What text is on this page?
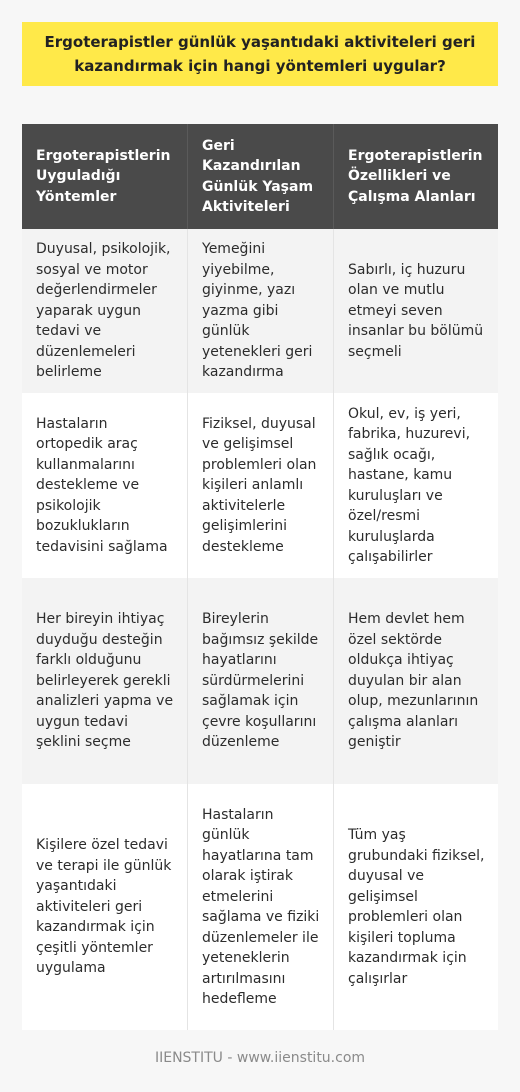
Ergoterapistler günlük yaşantıdaki aktiviteleri geri kazandırmak için hangi yöntemleri uygular?
Ergoterapistlerin Uyguladığı Yöntemler
Geri Kazandırılan Günlük Yaşam Aktiviteleri
Ergoterapistlerin Özellikleri ve Çalışma Alanları
Duyusal, psikolojik, sosyal ve motor değerlendirmeler yaparak uygun tedavi ve düzenlemeleri belirleme
Yemeğini yiyebilme, giyinme, yazı yazma gibi günlük yetenekleri geri kazandırma
Sabırlı, iç huzuru olan ve mutlu etmeyi seven insanlar bu bölümü seçmeli
Hastaların ortopedik araç kullanmalarını destekleme ve psikolojik bozuklukların tedavisini sağlama
Fiziksel, duyusal ve gelişimsel problemleri olan kişileri anlamlı aktivitelerle gelişimlerini destekleme
Okul, ev, iş yeri, fabrika, huzurevi, sağlık ocağı, hastane, kamu kuruluşları ve özel/resmi kuruluşlarda çalışabilirler
Her bireyin ihtiyaç duyduğu desteğin farklı olduğunu belirleyerek gerekli analizleri yapma ve uygun tedavi şeklini seçme
Bireylerin bağımsız şekilde hayatlarını sürdürmelerini sağlamak için çevre koşullarını düzenleme
Hem devlet hem özel sektörde oldukça ihtiyaç duyulan bir alan olup, mezunlarının çalışma alanları geniştir
Kişilere özel tedavi ve terapi ile günlük yaşantıdaki aktiviteleri geri kazandırmak için çeşitli yöntemler uygulama
Hastaların günlük hayatlarına tam olarak iştirak etmelerini sağlama ve fiziki düzenlemeler ile yeteneklerin artırılmasını hedefleme
Tüm yaş grubundaki fiziksel, duyusal ve gelişimsel problemleri olan kişileri topluma kazandırmak için çalışırlar
IIENSTITU - www.iienstitu.com
